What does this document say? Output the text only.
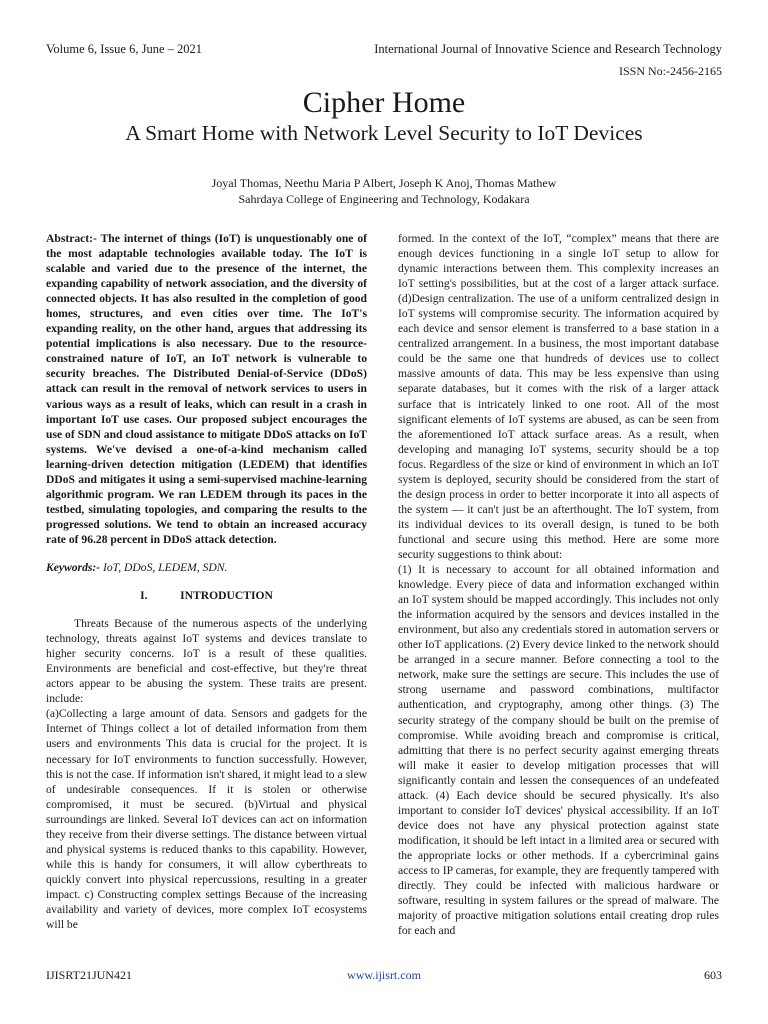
Volume 6, Issue 6, June – 2021	International Journal of Innovative Science and Research Technology
ISSN No:-2456-2165
Cipher Home
A Smart Home with Network Level Security to IoT Devices
Joyal Thomas, Neethu Maria P Albert, Joseph K Anoj, Thomas Mathew
Sahrdaya College of Engineering and Technology, Kodakara

Abstract:- The internet of things (IoT) is unquestionably one of the most adaptable technologies available today. The IoT is scalable and varied due to the presence of the internet, the expanding capability of network association, and the diversity of connected objects. It has also resulted in the completion of good homes, structures, and even cities over time. The IoT's expanding reality, on the other hand, argues that addressing its potential implications is also necessary. Due to the resource-constrained nature of IoT, an IoT network is vulnerable to security breaches. The Distributed Denial-of-Service (DDoS) attack can result in the removal of network services to users in various ways as a result of leaks, which can result in a crash in important IoT use cases. Our proposed subject encourages the use of SDN and cloud assistance to mitigate DDoS attacks on IoT systems. We've devised a one-of-a-kind mechanism called learning-driven detection mitigation (LEDEM) that identifies DDoS and mitigates it using a semi-supervised machine-learning algorithmic program. We ran LEDEM through its paces in the testbed, simulating topologies, and comparing the results to the progressed solutions. We tend to obtain an increased accuracy rate of 96.28 percent in DDoS attack detection.

Keywords:- IoT, DDoS, LEDEM, SDN.

I.	INTRODUCTION

Threats Because of the numerous aspects of the underlying technology, threats against IoT systems and devices translate to higher security concerns. IoT is a result of these qualities. Environments are beneficial and cost-effective, but they're threat actors appear to be abusing the system. These traits are present. include:

(a)Collecting a large amount of data. Sensors and gadgets for the Internet of Things collect a lot of detailed information from them users and environments This data is crucial for the project. It is necessary for IoT environments to function successfully. However, this is not the case. If information isn't shared, it might lead to a slew of undesirable consequences. If it is stolen or otherwise compromised, it must be secured. (b)Virtual and physical surroundings are linked. Several IoT devices can act on information they receive from their diverse settings. The distance between virtual and physical systems is reduced thanks to this capability. However, while this is handy for consumers, it will allow cyberthreats to quickly convert into physical repercussions, resulting in a greater impact. c) Constructing complex settings Because of the increasing availability and variety of devices, more complex IoT ecosystems will be

formed. In the context of the IoT, “complex” means that there are enough devices functioning in a single IoT setup to allow for dynamic interactions between them. This complexity increases an IoT setting's possibilities, but at the cost of a larger attack surface. (d)Design centralization. The use of a uniform centralized design in IoT systems will compromise security. The information acquired by each device and sensor element is transferred to a base station in a centralized arrangement. In a business, the most important database could be the same one that hundreds of devices use to collect massive amounts of data. This may be less expensive than using separate databases, but it comes with the risk of a larger attack surface that is intricately linked to one root. All of the most significant elements of IoT systems are abused, as can be seen from the aforementioned IoT attack surface areas. As a result, when developing and managing IoT systems, security should be a top focus. Regardless of the size or kind of environment in which an IoT system is deployed, security should be considered from the start of the design process in order to better incorporate it into all aspects of the system — it can't just be an afterthought. The IoT system, from its individual devices to its overall design, is tuned to be both functional and secure using this method. Here are some more security suggestions to think about:

(1) It is necessary to account for all obtained information and knowledge. Every piece of data and information exchanged within an IoT system should be mapped accordingly. This includes not only the information acquired by the sensors and devices installed in the environment, but also any credentials stored in automation servers or other IoT applications. (2) Every device linked to the network should be arranged in a secure manner. Before connecting a tool to the network, make sure the settings are secure. This includes the use of strong username and password combinations, multifactor authentication, and cryptography, among other things. (3) The security strategy of the company should be built on the premise of compromise. While avoiding breach and compromise is critical, admitting that there is no perfect security against emerging threats will make it easier to develop mitigation processes that will significantly contain and lessen the consequences of an undefeated attack. (4) Each device should be secured physically. It's also important to consider IoT devices' physical accessibility. If an IoT device does not have any physical protection against state modification, it should be left intact in a limited area or secured with the appropriate locks or other methods. If a cybercriminal gains access to IP cameras, for example, they are frequently tampered with directly. They could be infected with malicious hardware or software, resulting in system failures or the spread of malware. The majority of proactive mitigation solutions entail creating drop rules for each and

IJISRT21JUN421	www.ijisrt.com	603
